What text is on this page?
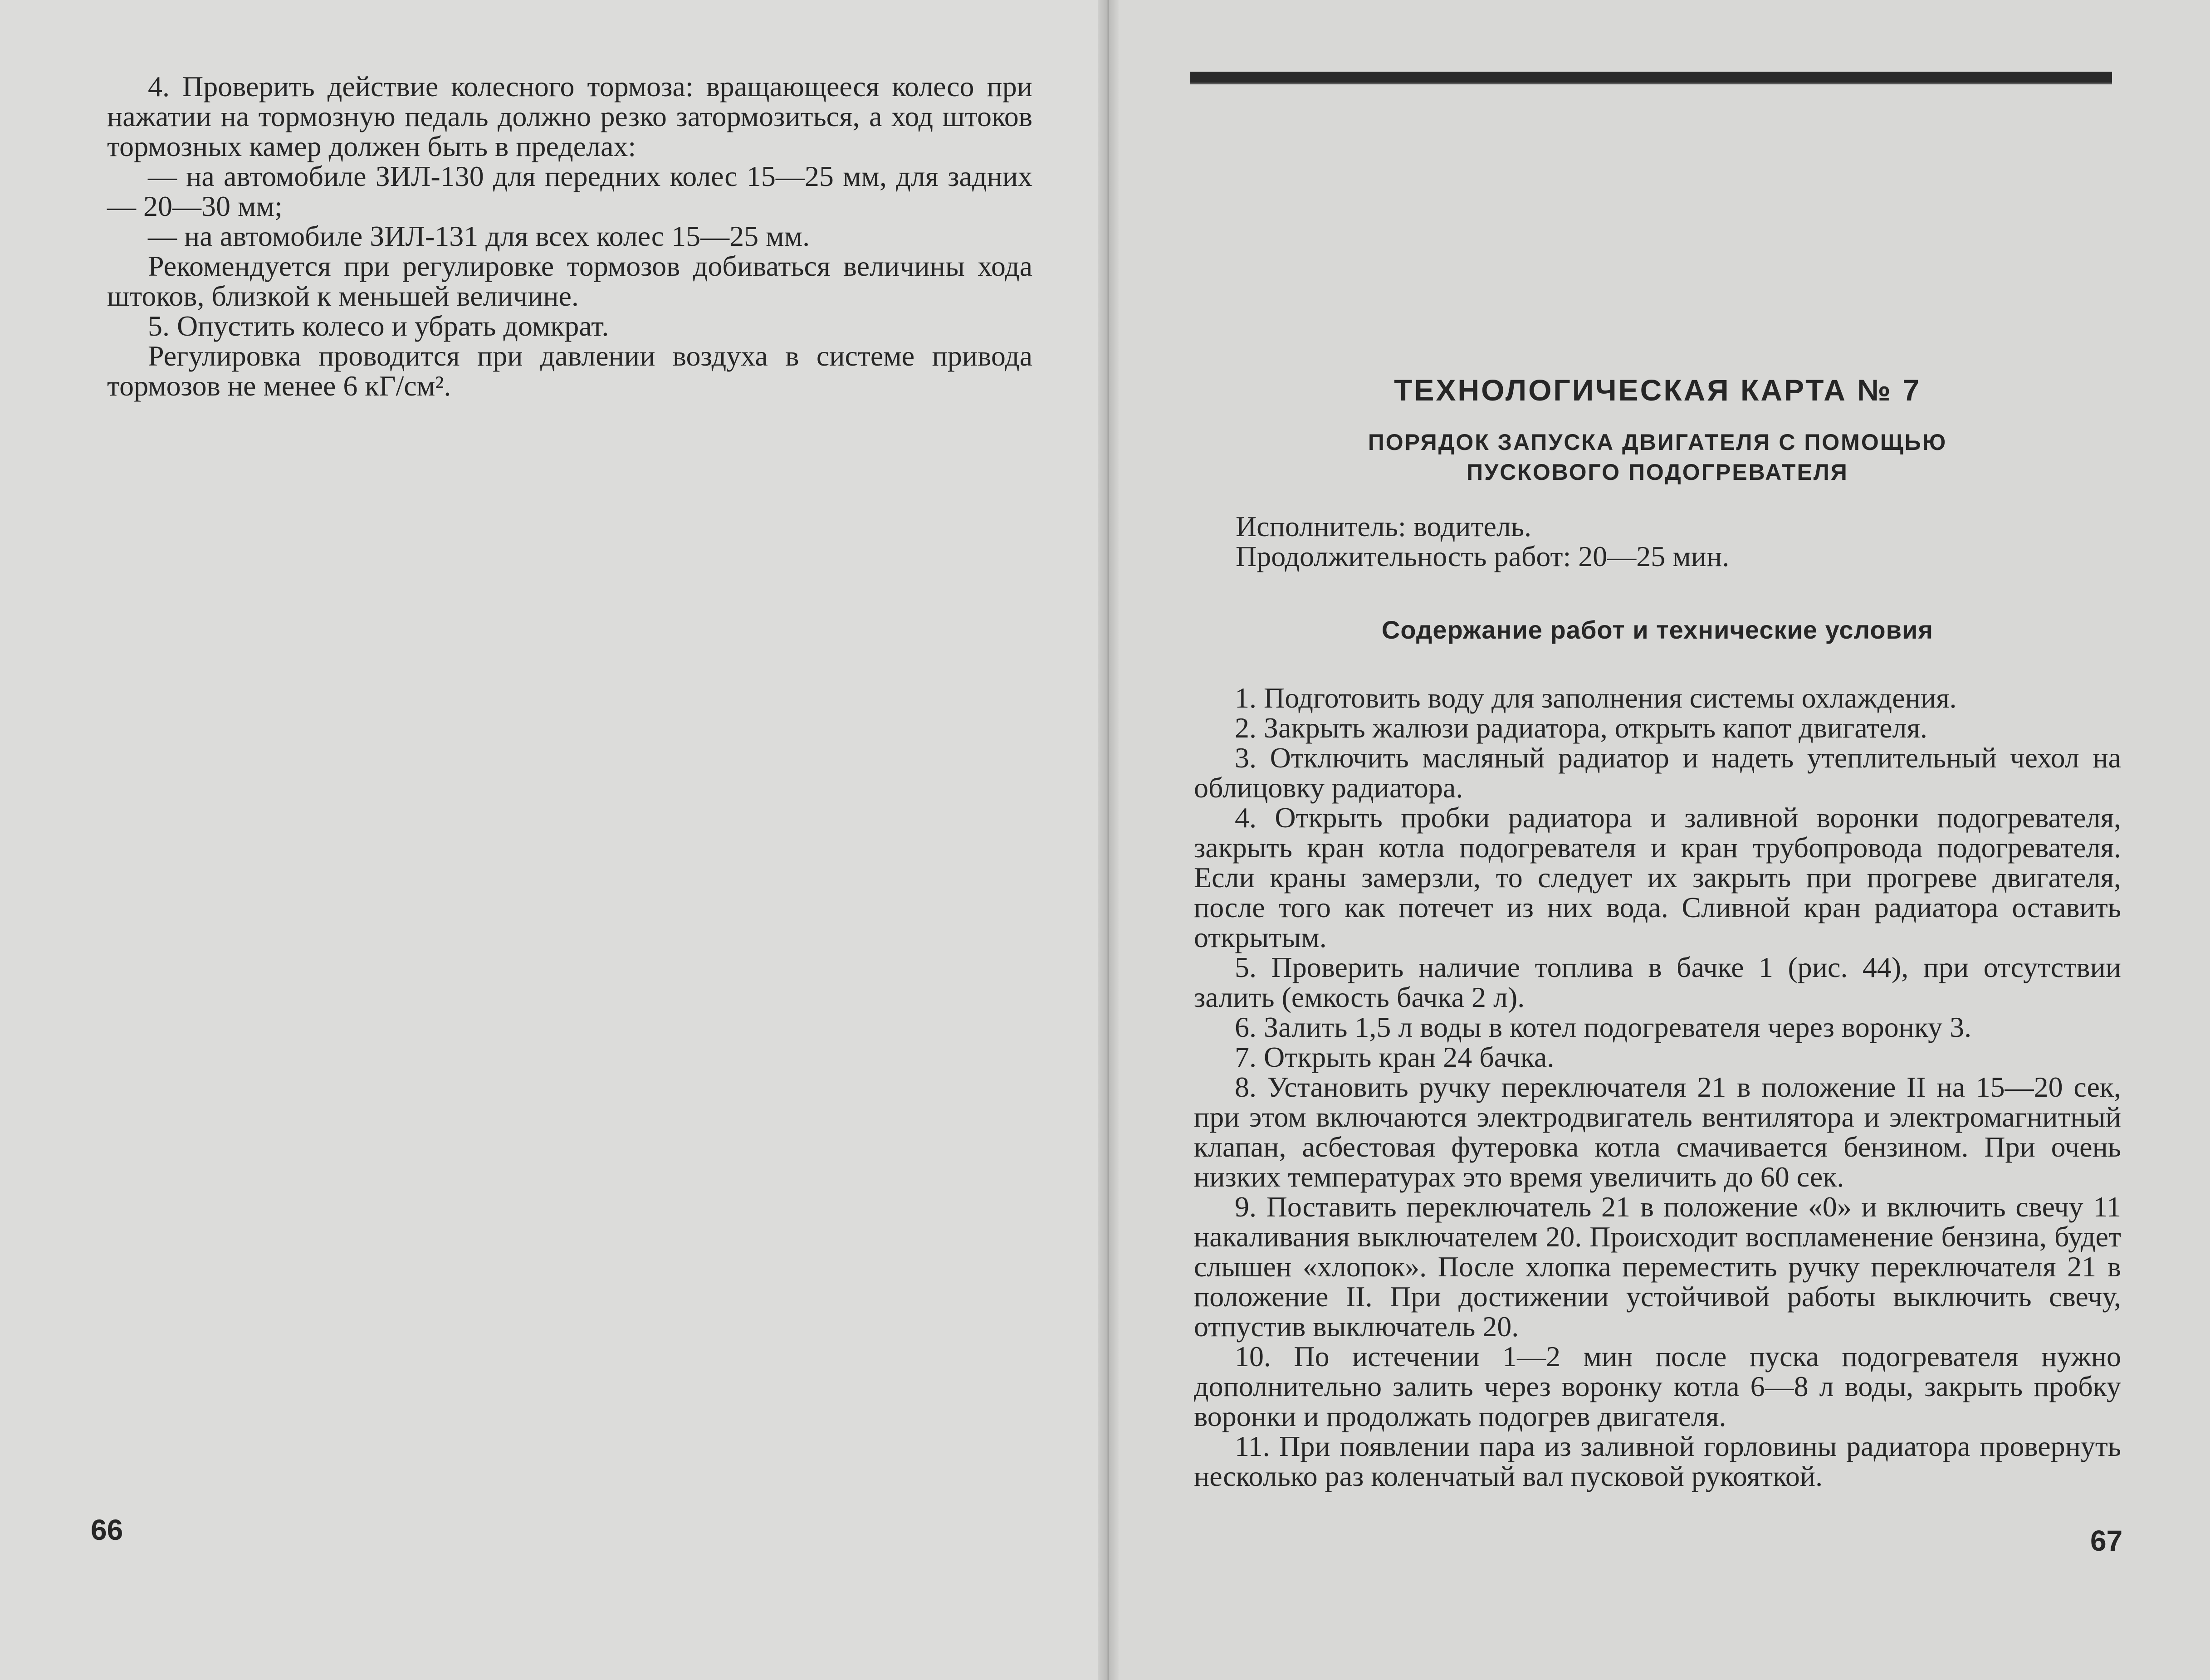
4. Проверить действие колесного тормоза: вращающееся колесо при нажатии на тормозную педаль должно резко затормозиться, а ход штоков тормозных камер должен быть в пределах:

— на автомобиле ЗИЛ-130 для передних колес 15—25 мм, для задних — 20—30 мм;

— на автомобиле ЗИЛ-131 для всех колес 15—25 мм.

Рекомендуется при регулировке тормозов добиваться величины хода штоков, близкой к меньшей величине.

5. Опустить колесо и убрать домкрат.

Регулировка проводится при давлении воздуха в системе привода тормозов не менее 6 кГ/см².

66
ТЕХНОЛОГИЧЕСКАЯ КАРТА № 7
ПОРЯДОК ЗАПУСКА ДВИГАТЕЛЯ С ПОМОЩЬЮ
ПУСКОВОГО ПОДОГРЕВАТЕЛЯ
Исполнитель: водитель.
Продолжительность работ: 20—25 мин.
Содержание работ и технические условия

1. Подготовить воду для заполнения системы охлаждения.

2. Закрыть жалюзи радиатора, открыть капот двигателя.

3. Отключить масляный радиатор и надеть утеплительный чехол на облицовку радиатора.

4. Открыть пробки радиатора и заливной воронки подогревателя, закрыть кран котла подогревателя и кран трубопровода подогревателя. Если краны замерзли, то следует их закрыть при прогреве двигателя, после того как потечет из них вода. Сливной кран радиатора оставить открытым.

5. Проверить наличие топлива в бачке 1 (рис. 44), при отсутствии залить (емкость бачка 2 л).

6. Залить 1,5 л воды в котел подогревателя через воронку 3.

7. Открыть кран 24 бачка.

8. Установить ручку переключателя 21 в положение II на 15—20 сек, при этом включаются электродвигатель вентилятора и электромагнитный клапан, асбестовая футеровка котла смачивается бензином. При очень низких температурах это время увеличить до 60 сек.

9. Поставить переключатель 21 в положение «0» и включить свечу 11 накаливания выключателем 20. Происходит воспламенение бензина, будет слышен «хлопок». После хлопка переместить ручку переключателя 21 в положение II. При достижении устойчивой работы выключить свечу, отпустив выключатель 20.

10. По истечении 1—2 мин после пуска подогревателя нужно дополнительно залить через воронку котла 6—8 л воды, закрыть пробку воронки и продолжать подогрев двигателя.

11. При появлении пара из заливной горловины радиатора провернуть несколько раз коленчатый вал пусковой рукояткой.

67
